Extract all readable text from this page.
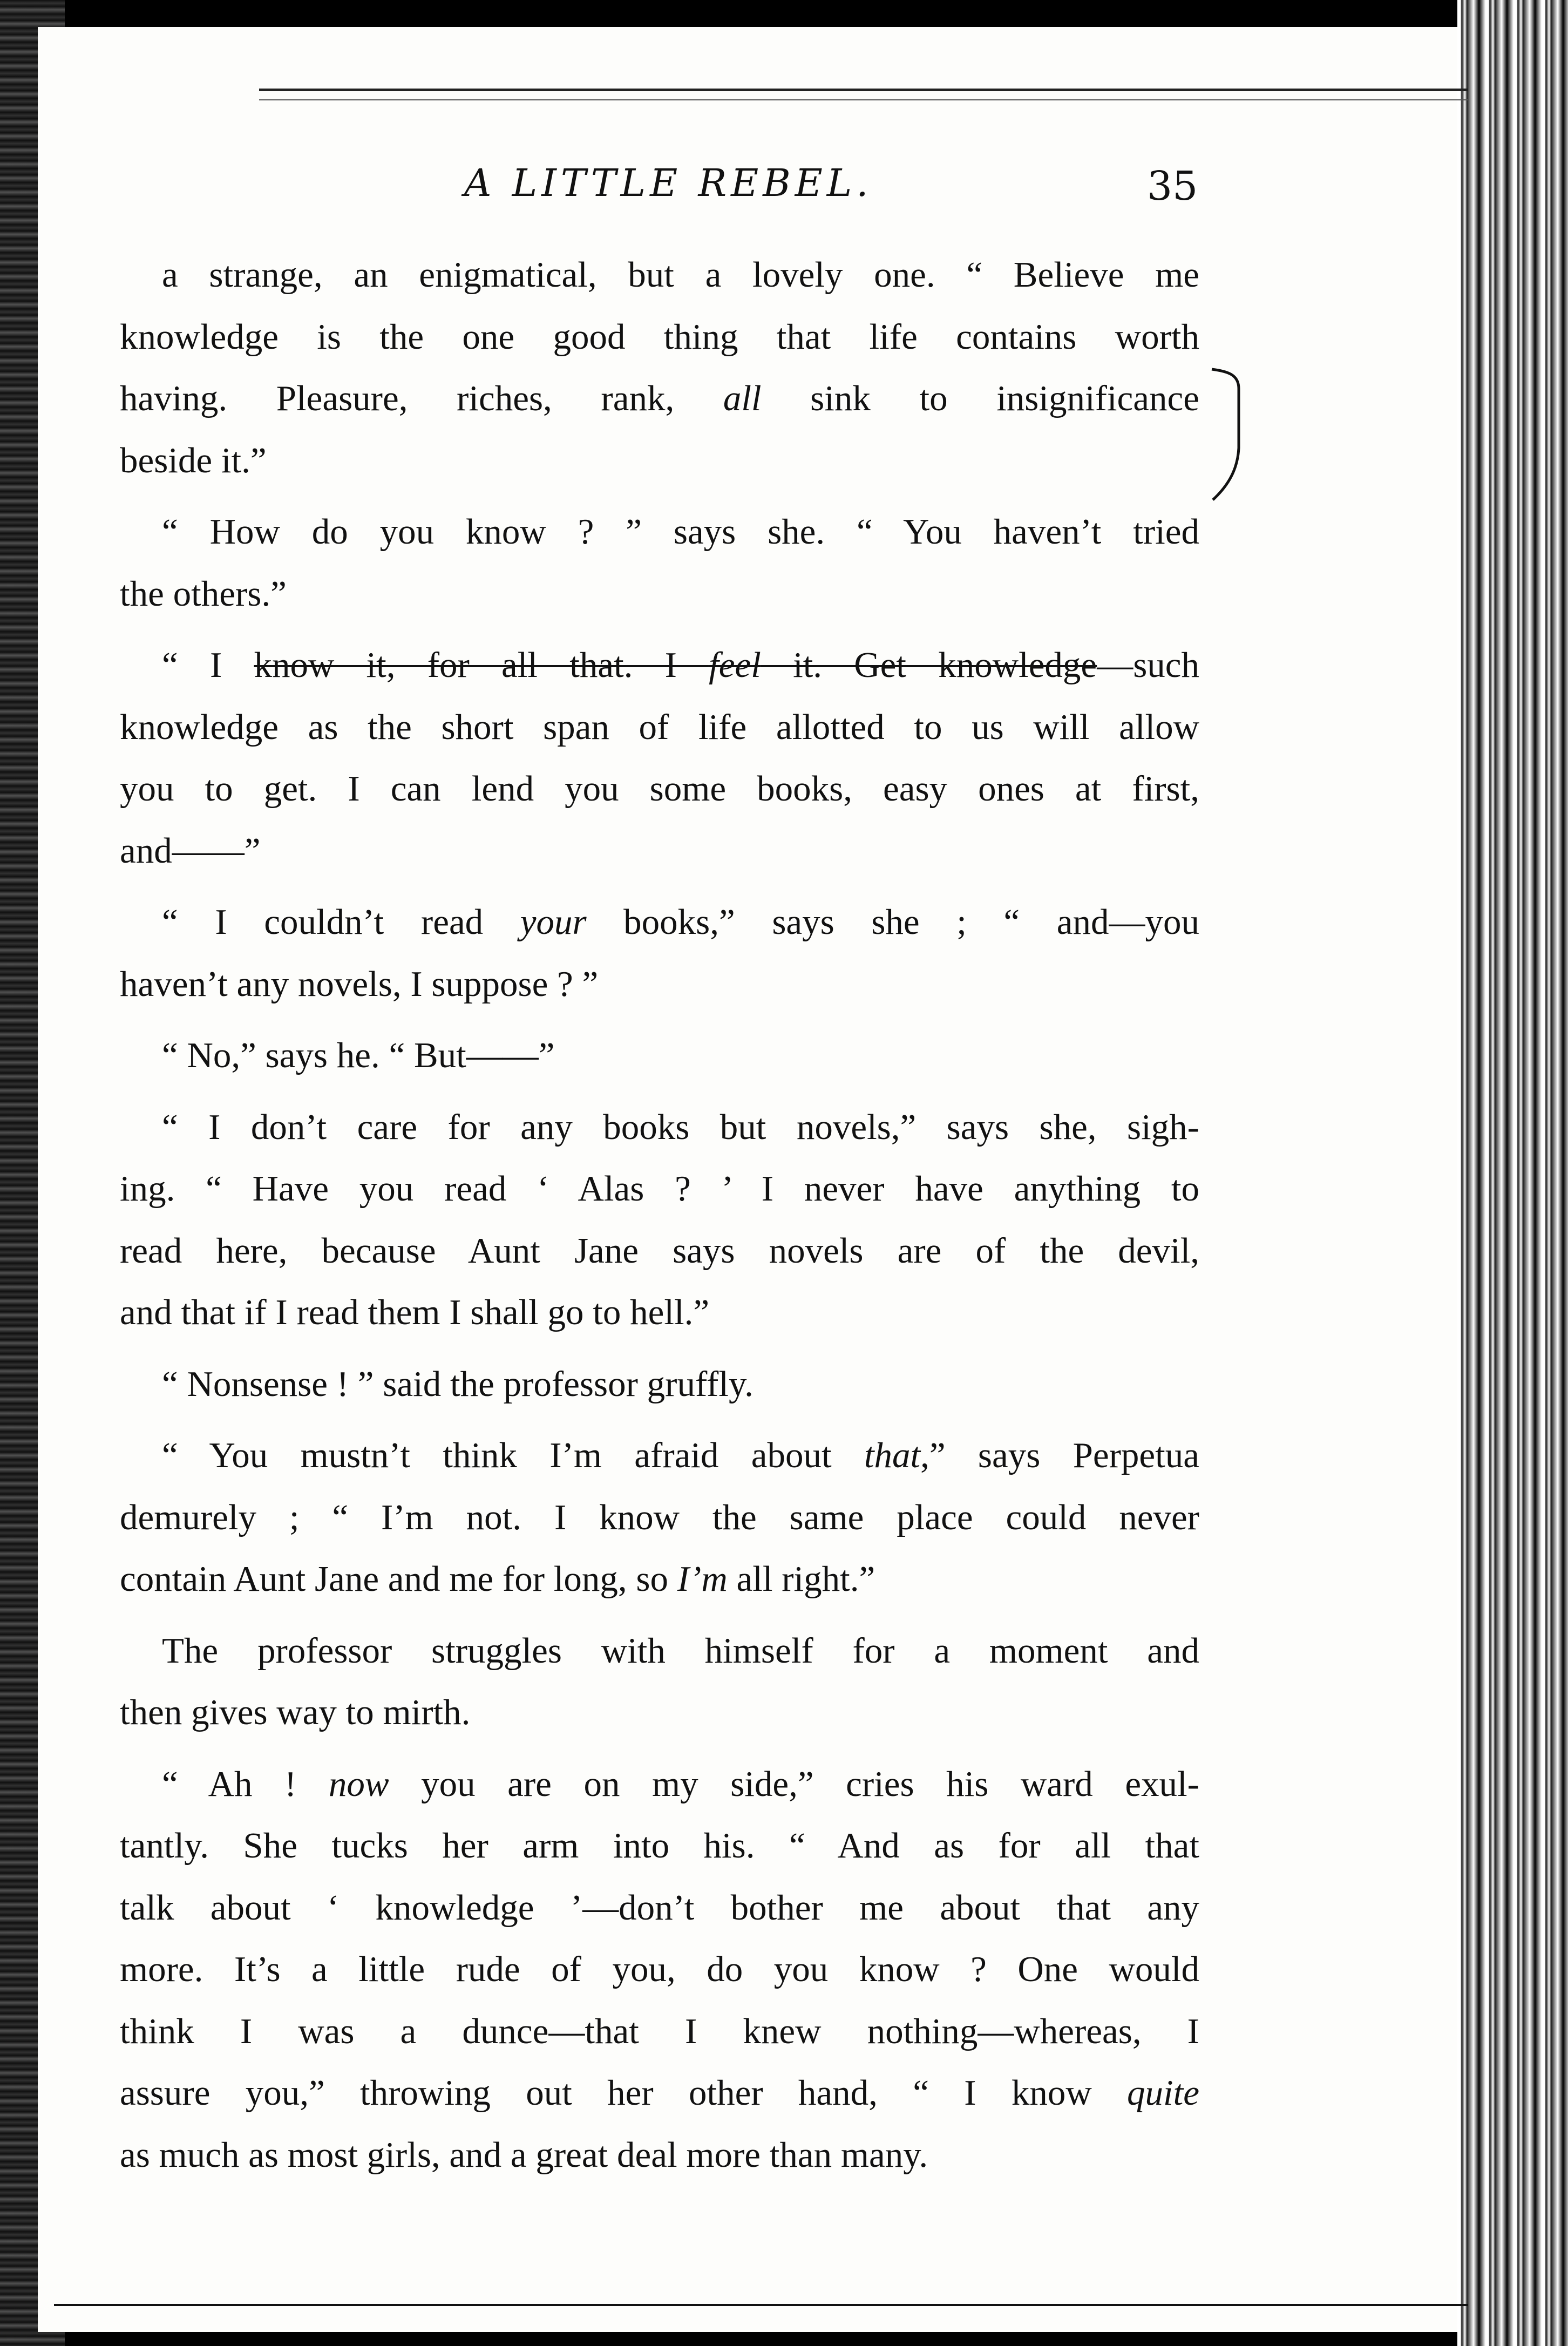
A LITTLE REBEL.	35
a strange, an enigmatical, but a lovely one. “ Believe me
knowledge is the one good thing that life contains worth
having. Pleasure, riches, rank, all sink to insignificance
beside it.”
“ How do you know ? ” says she. “ You haven’t tried
the others.”
“ I know it, for all that. I feel it. Get knowledge—such
knowledge as the short span of life allotted to us will allow
you to get. I can lend you some books, easy ones at first,
and——”
“ I couldn’t read your books,” says she ; “ and—you
haven’t any novels, I suppose ? ”
“ No,” says he. “ But——”
“ I don’t care for any books but novels,” says she, sigh-
ing. “ Have you read ‘ Alas ? ’ I never have anything to
read here, because Aunt Jane says novels are of the devil,
and that if I read them I shall go to hell.”
“ Nonsense ! ” said the professor gruffly.
“ You mustn’t think I’m afraid about that,” says Perpetua
demurely ; “ I’m not. I know the same place could never
contain Aunt Jane and me for long, so I’m all right.”
The professor struggles with himself for a moment and
then gives way to mirth.
“ Ah ! now you are on my side,” cries his ward exul-
tantly. She tucks her arm into his. “ And as for all that
talk about ‘ knowledge ’—don’t bother me about that any
more. It’s a little rude of you, do you know ? One would
think I was a dunce—that I knew nothing—whereas, I
assure you,” throwing out her other hand, “ I know quite
as much as most girls, and a great deal more than many.
